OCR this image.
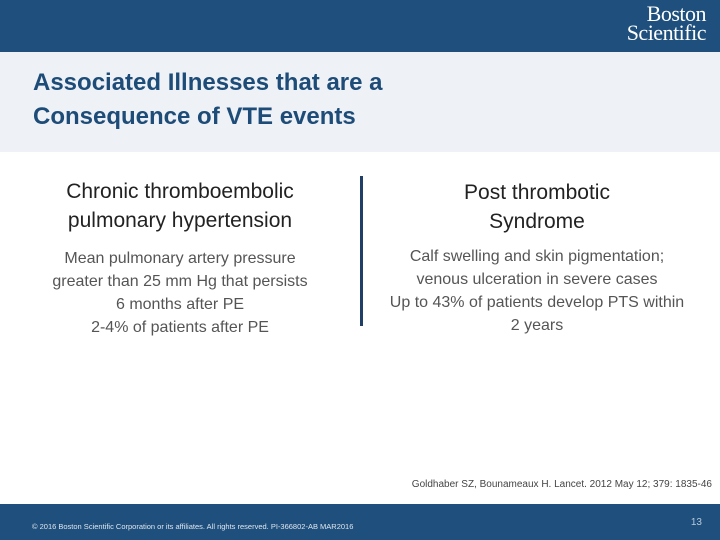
Boston
Scientific
Associated Illnesses that are a
Consequence of VTE events
Chronic thromboembolic
pulmonary hypertension
Mean pulmonary artery pressure
greater than 25 mm Hg that persists
6 months after PE
2-4% of patients after PE
Post thrombotic
Syndrome
Calf swelling and skin pigmentation;
venous ulceration in severe cases
Up to 43% of patients develop PTS within
2 years
Goldhaber SZ, Bounameaux H. Lancet. 2012 May 12; 379: 1835-46
© 2016 Boston Scientific Corporation or its affiliates. All rights reserved. PI-366802-AB MAR2016	13
